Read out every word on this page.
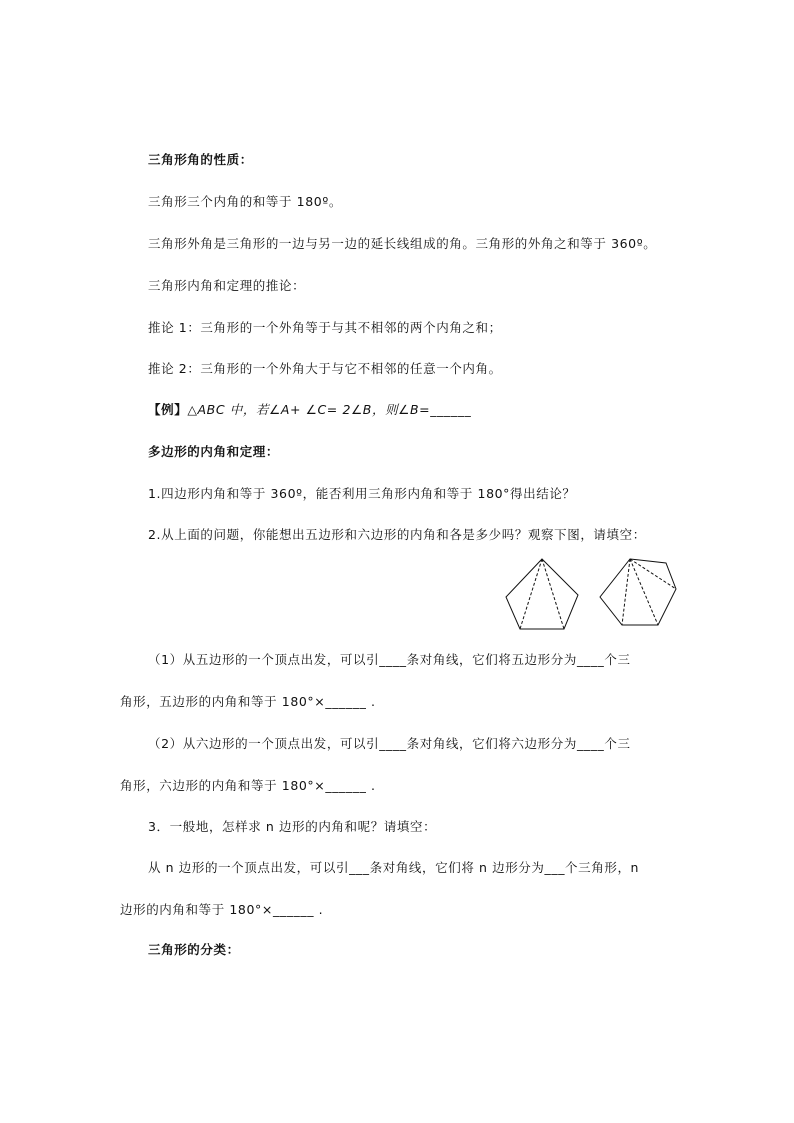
三角形角的性质：
三角形三个内角的和等于 180º。
三角形外角是三角形的一边与另一边的延长线组成的角。三角形的外角之和等于 360º。
三角形内角和定理的推论：
推论 1：三角形的一个外角等于与其不相邻的两个内角之和；
推论 2：三角形的一个外角大于与它不相邻的任意一个内角。
【例】△ABC 中，若∠A+ ∠C= 2∠B，则∠B=______
多边形的内角和定理：
1.四边形内角和等于 360º，能否利用三角形内角和等于 180°得出结论？
2.从上面的问题，你能想出五边形和六边形的内角和各是多少吗？观察下图，请填空：
（1）从五边形的一个顶点出发，可以引____条对角线，它们将五边形分为____个三
角形，五边形的内角和等于 180°×______ .
（2）从六边形的一个顶点出发，可以引____条对角线，它们将六边形分为____个三
角形，六边形的内角和等于 180°×______ .
3．一般地，怎样求 n 边形的内角和呢？请填空：
从 n 边形的一个顶点出发，可以引___条对角线，它们将 n 边形分为___个三角形，n
边形的内角和等于 180°×______ .
三角形的分类：
